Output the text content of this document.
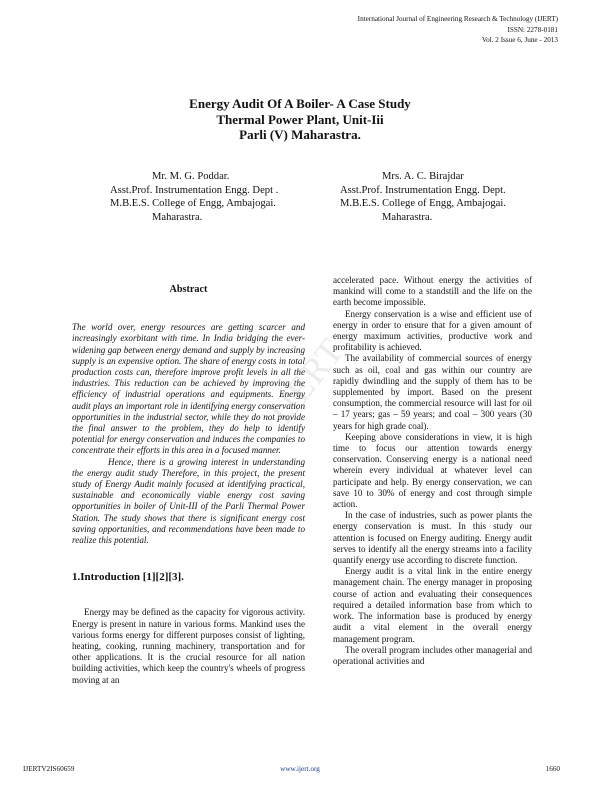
International Journal of Engineering Research & Technology (IJERT)
ISSN: 2278-0181
Vol. 2 Issue 6, June - 2013
Energy Audit Of A Boiler- A Case Study
Thermal Power Plant, Unit-Iii
Parli (V) Maharastra.
Mr. M. G. Poddar.
Asst.Prof. Instrumentation Engg. Dept .
M.B.E.S. College of Engg, Ambajogai.
Maharastra.
Mrs. A. C. Birajdar
Asst.Prof. Instrumentation Engg. Dept.
M.B.E.S. College of Engg, Ambajogai.
Maharastra.
IJERT
Abstract

The world over, energy resources are getting scarcer and increasingly exorbitant with time. In India bridging the ever-widening gap between energy demand and supply by increasing supply is an expensive option. The share of energy costs in total production costs can, therefore improve profit levels in all the industries. This reduction can be achieved by improving the efficiency of industrial operations and equipments. Energy audit plays an important role in identifying energy conservation opportunities in the industrial sector, while they do not provide the final answer to the problem, they do help to identify potential for energy conservation and induces the companies to concentrate their efforts in this area in a focused manner.

Hence, there is a growing interest in understanding the energy audit study Therefore, in this project, the present study of Energy Audit mainly focused at identifying practical, sustainable and economically viable energy cost saving opportunities in boiler of Unit-III of the Parli Thermal Power Station. The study shows that there is significant energy cost saving opportunities, and recommendations have been made to realize this potential.

1.Introduction [1][2][3].

Energy may be defined as the capacity for vigorous activity. Energy is present in nature in various forms. Mankind uses the various forms energy for different purposes consist of lighting, heating, cooking, running machinery, transportation and for other applications. It is the crucial resource for all nation building activities, which keep the country's wheels of progress moving at an

accelerated pace. Without energy the activities of mankind will come to a standstill and the life on the earth become impossible.

Energy conservation is a wise and efficient use of energy in order to ensure that for a given amount of energy maximum activities, productive work and profitability is achieved.

The availability of commercial sources of energy such as oil, coal and gas within our country are rapidly dwindling and the supply of them has to be supplemented by import. Based on the present consumption, the commercial resource will last for oil – 17 years; gas – 59 years; and coal – 300 years (30 years for high grade coal).

Keeping above considerations in view, it is high time to focus our attention towards energy conservation. Conserving energy is a national need wherein every individual at whatever level can participate and help. By energy conservation, we can save 10 to 30% of energy and cost through simple action.

In the case of industries, such as power plants the energy conservation is must. In this study our attention is focused on Energy auditing. Energy audit serves to identify all the energy streams into a facility quantify energy use according to discrete function.

Energy audit is a vital link in the entire energy management chain. The energy manager in proposing course of action and evaluating their consequences required a detailed information base from which to work. The information base is produced by energy audit a vital element in the overall energy management program.

The overall program includes other managerial and operational activities and

IJERTV2IS60659	www.ijert.org	1660
